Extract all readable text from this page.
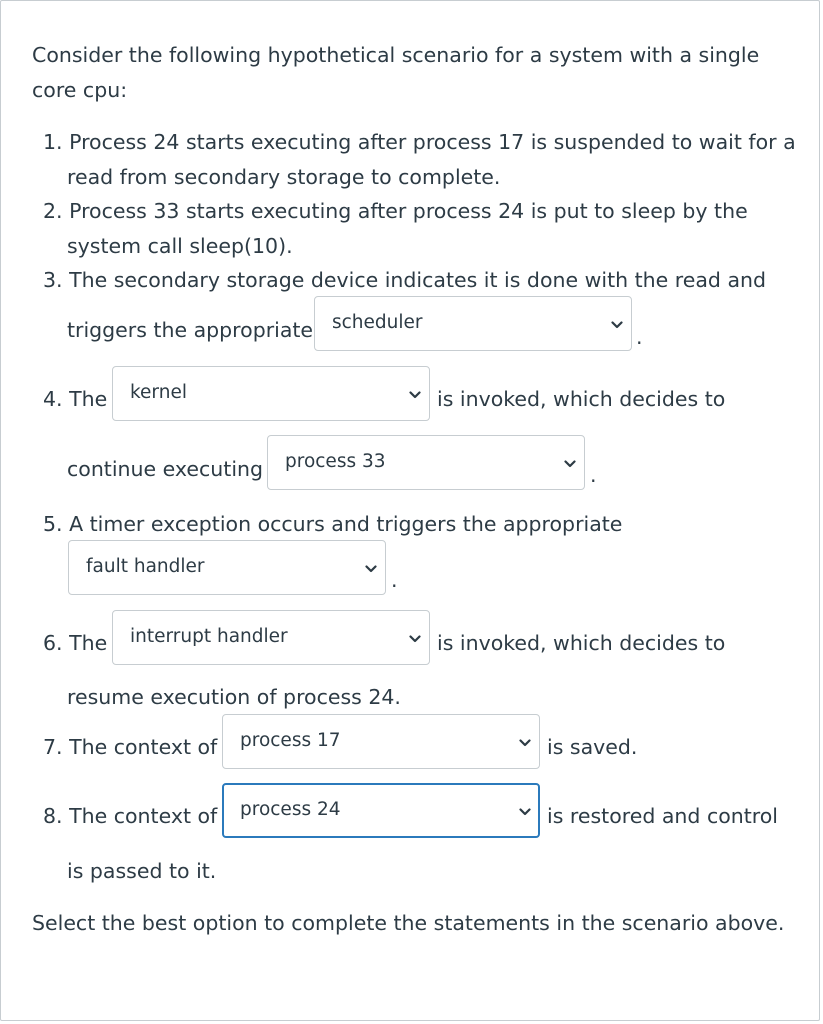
Consider the following hypothetical scenario for a system with a single
core cpu:
1. Process 24 starts executing after process 17 is suspended to wait for a
read from secondary storage to complete.
2. Process 33 starts executing after process 24 is put to sleep by the
system call sleep(10).
3. The secondary storage device indicates it is done with the read and
triggers the appropriate scheduler
.
4. The kernel	is invoked, which decides to
continue executing process 33
.
5. A timer exception occurs and triggers the appropriate
fault handler
.
6. The interrupt handler	is invoked, which decides to
resume execution of process 24.
7. The context of process 17	is saved.
8. The context of process 24	is restored and control
is passed to it.
Select the best option to complete the statements in the scenario above.
